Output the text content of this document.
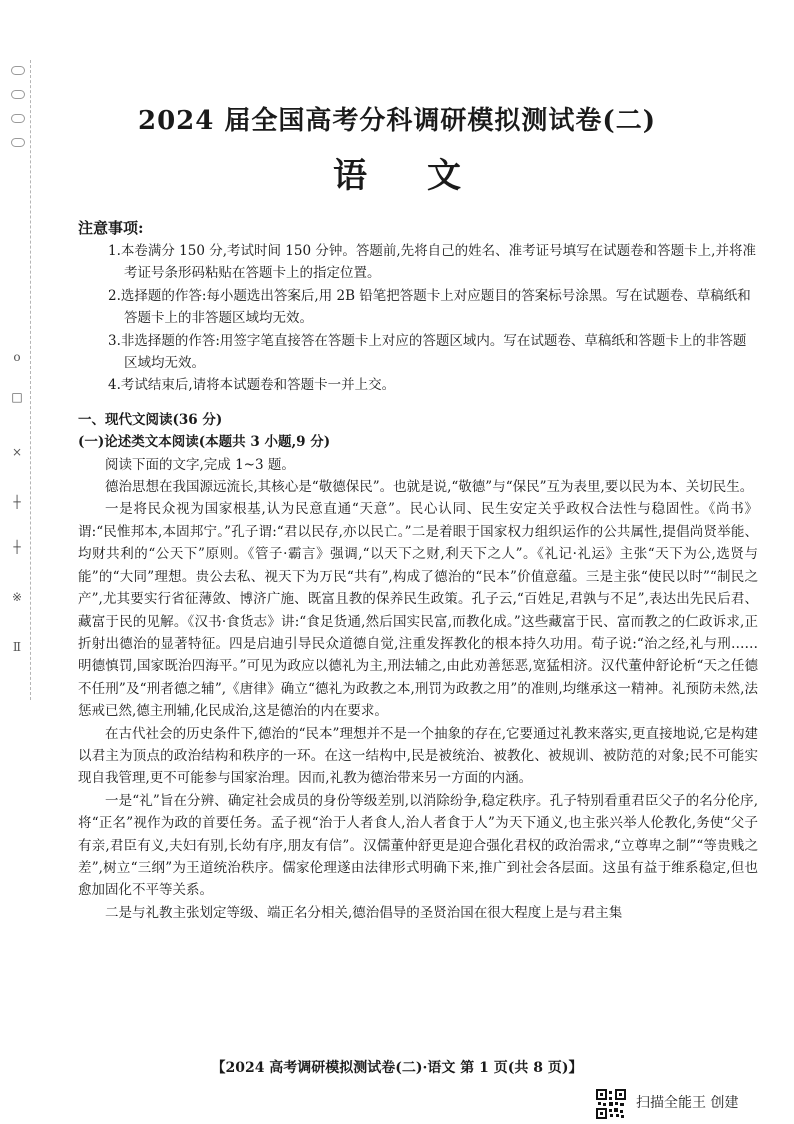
o
□
×
┼
┼
※
Ⅱ
2024 届全国高考分科调研模拟测试卷(二)
语文
注意事项:
1.本卷满分 150 分,考试时间 150 分钟。答题前,先将自己的姓名、准考证号填写在试题卷和答题卡上,并将准考证号条形码粘贴在答题卡上的指定位置。
2.选择题的作答:每小题选出答案后,用 2B 铅笔把答题卡上对应题目的答案标号涂黑。写在试题卷、草稿纸和答题卡上的非答题区域均无效。
3.非选择题的作答:用签字笔直接答在答题卡上对应的答题区域内。写在试题卷、草稿纸和答题卡上的非答题区域均无效。
4.考试结束后,请将本试题卷和答题卡一并上交。
一、现代文阅读(36 分)
(一)论述类文本阅读(本题共 3 小题,9 分)
阅读下面的文字,完成 1~3 题。
德治思想在我国源远流长,其核心是“敬德保民”。也就是说,“敬德”与“保民”互为表里,要以民为本、关切民生。
一是将民众视为国家根基,认为民意直通“天意”。民心认同、民生安定关乎政权合法性与稳固性。《尚书》谓:“民惟邦本,本固邦宁。”孔子谓:“君以民存,亦以民亡。”二是着眼于国家权力组织运作的公共属性,提倡尚贤举能、均财共利的“公天下”原则。《管子·霸言》强调,“以天下之财,利天下之人”。《礼记·礼运》主张“天下为公,选贤与能”的“大同”理想。贵公去私、视天下为万民“共有”,构成了德治的“民本”价值意蕴。三是主张“使民以时”“制民之产”,尤其要实行省征薄敛、博济广施、既富且教的保养民生政策。孔子云,“百姓足,君孰与不足”,表达出先民后君、藏富于民的见解。《汉书·食货志》讲:“食足货通,然后国实民富,而教化成。”这些藏富于民、富而教之的仁政诉求,正折射出德治的显著特征。四是启迪引导民众道德自觉,注重发挥教化的根本持久功用。荀子说:“治之经,礼与刑……明德慎罚,国家既治四海平。”可见为政应以德礼为主,刑法辅之,由此劝善惩恶,宽猛相济。汉代董仲舒论析“天之任德不任刑”及“刑者德之辅”,《唐律》确立“德礼为政教之本,刑罚为政教之用”的准则,均继承这一精神。礼预防未然,法惩戒已然,德主刑辅,化民成治,这是德治的内在要求。
在古代社会的历史条件下,德治的“民本”理想并不是一个抽象的存在,它要通过礼教来落实,更直接地说,它是构建以君主为顶点的政治结构和秩序的一环。在这一结构中,民是被统治、被教化、被规训、被防范的对象;民不可能实现自我管理,更不可能参与国家治理。因而,礼教为德治带来另一方面的内涵。
一是“礼”旨在分辨、确定社会成员的身份等级差别,以消除纷争,稳定秩序。孔子特别看重君臣父子的名分伦序,将“正名”视作为政的首要任务。孟子视“治于人者食人,治人者食于人”为天下通义,也主张兴举人伦教化,务使“父子有亲,君臣有义,夫妇有别,长幼有序,朋友有信”。汉儒董仲舒更是迎合强化君权的政治需求,“立尊卑之制”“等贵贱之差”,树立“三纲”为王道统治秩序。儒家伦理遂由法律形式明确下来,推广到社会各层面。这虽有益于维系稳定,但也愈加固化不平等关系。
二是与礼教主张划定等级、端正名分相关,德治倡导的圣贤治国在很大程度上是与君主集
【2024 高考调研模拟测试卷(二)·语文 第 1 页(共 8 页)】
扫描全能王 创建
